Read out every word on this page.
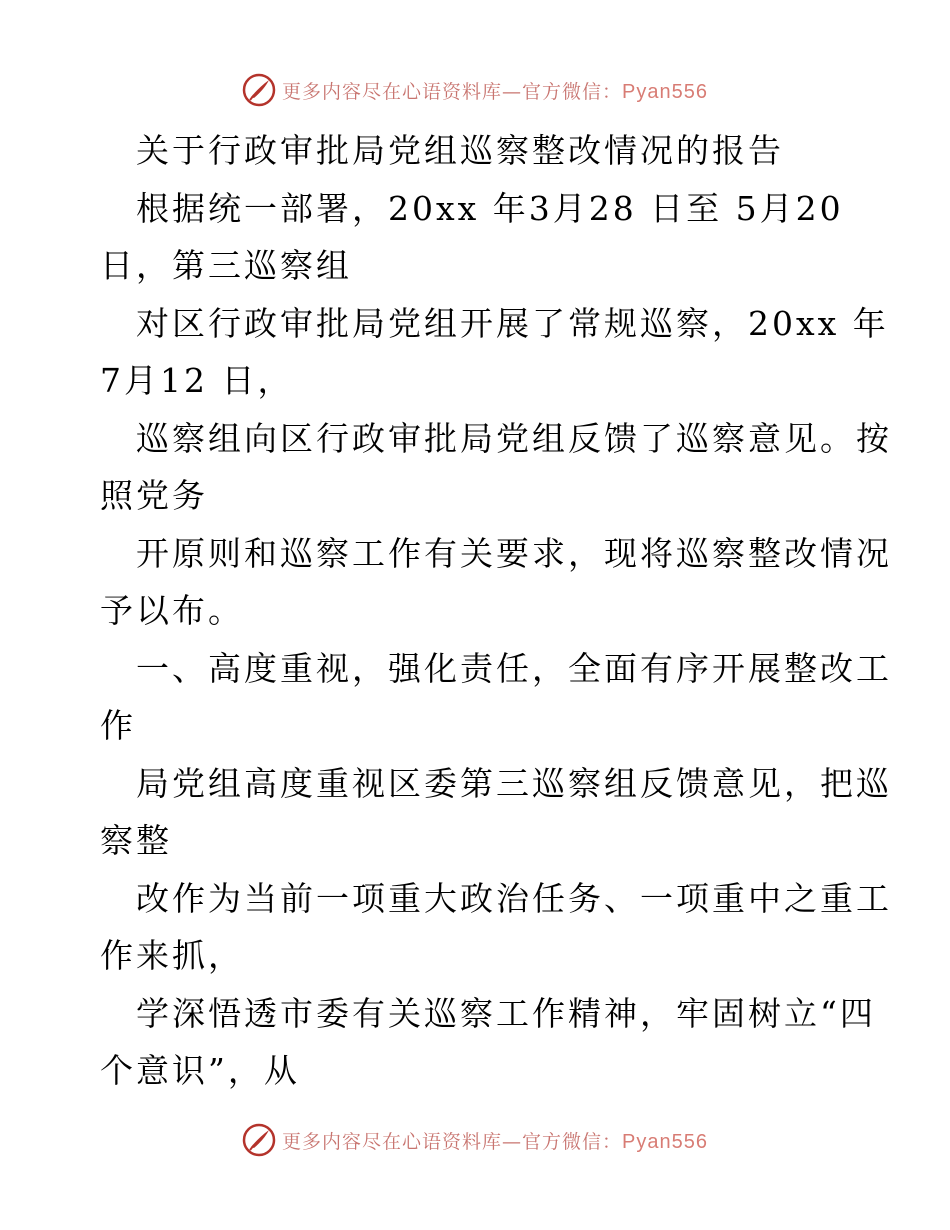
更多内容尽在心语资料库—官方微信：Pyan556
关于行政审批局党组巡察整改情况的报告
根据统一部署，20xx 年3月28 日至 5月20
日，第三巡察组
对区行政审批局党组开展了常规巡察，20xx 年
7月12 日，
巡察组向区行政审批局党组反馈了巡察意见。按
照党务
开原则和巡察工作有关要求，现将巡察整改情况
予以布。
一、高度重视，强化责任，全面有序开展整改工
作
局党组高度重视区委第三巡察组反馈意见，把巡
察整
改作为当前一项重大政治任务、一项重中之重工
作来抓，
学深悟透市委有关巡察工作精神，牢固树立“四
个意识”，从
更多内容尽在心语资料库—官方微信：Pyan556
